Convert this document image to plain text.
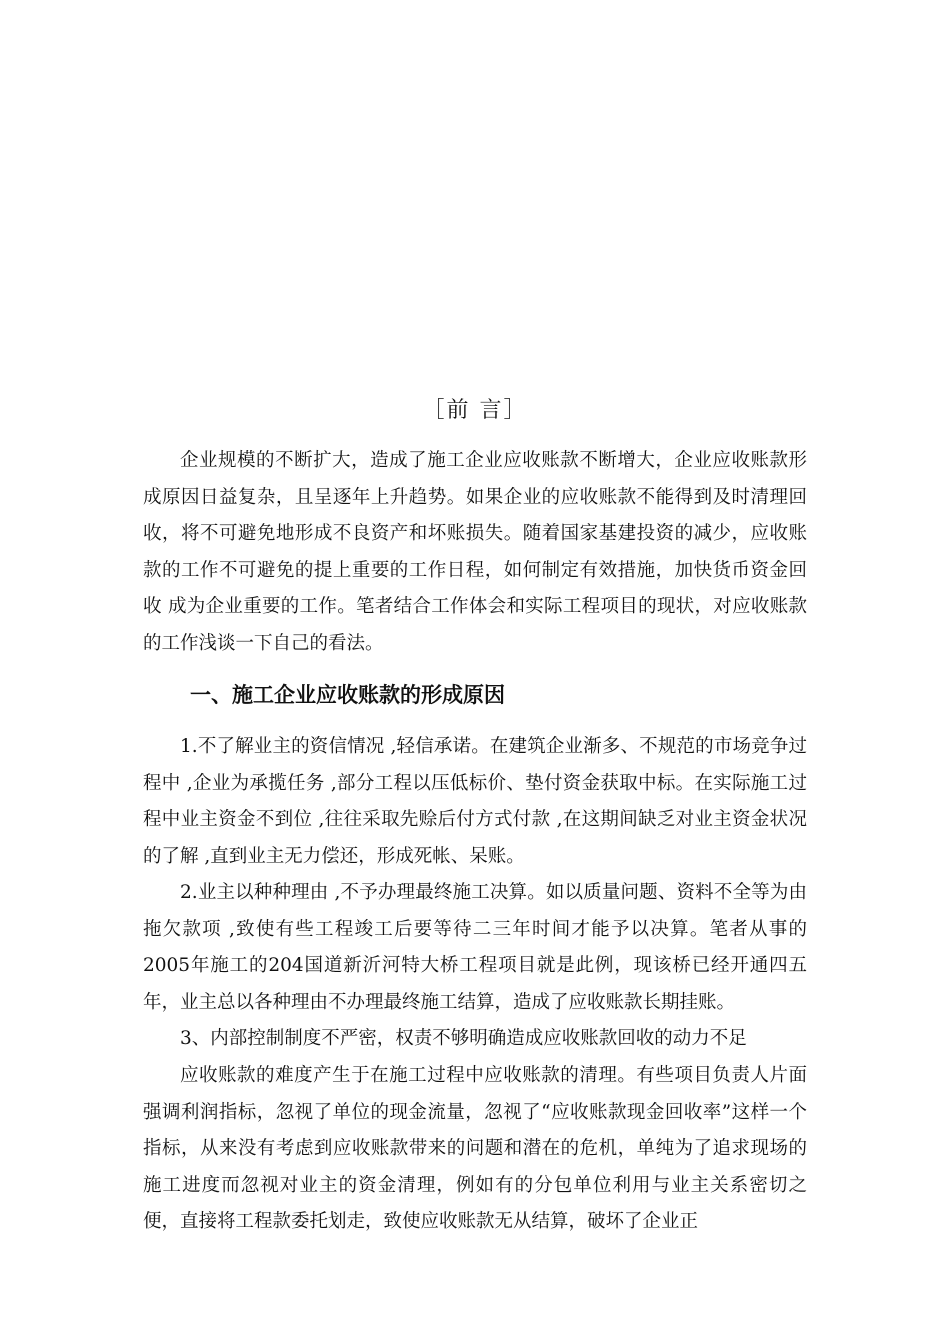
［前 言］

企业规模的不断扩大，造成了施工企业应收账款不断增大，企业应收账款形成原因日益复杂，且呈逐年上升趋势。如果企业的应收账款不能得到及时清理回收，将不可避免地形成不良资产和坏账损失。随着国家基建投资的减少，应收账款的工作不可避免的提上重要的工作日程，如何制定有效措施，加快货币资金回收 成为企业重要的工作。笔者结合工作体会和实际工程项目的现状，对应收账款的工作浅谈一下自己的看法。

一、施工企业应收账款的形成原因

1.不了解业主的资信情况 ,轻信承诺。在建筑企业渐多、不规范的市场竞争过程中 ,企业为承揽任务 ,部分工程以压低标价、垫付资金获取中标。在实际施工过程中业主资金不到位 ,往往采取先赊后付方式付款 ,在这期间缺乏对业主资金状况的了解 ,直到业主无力偿还，形成死帐、呆账。

2.业主以种种理由 ,不予办理最终施工决算。如以质量问题、资料不全等为由拖欠款项 ,致使有些工程竣工后要等待二三年时间才能予以决算。笔者从事的2005年施工的204国道新沂河特大桥工程项目就是此例，现该桥已经开通四五年，业主总以各种理由不办理最终施工结算，造成了应收账款长期挂账。

3、内部控制制度不严密，权责不够明确造成应收账款回收的动力不足

应收账款的难度产生于在施工过程中应收账款的清理。有些项目负责人片面强调利润指标，忽视了单位的现金流量，忽视了“应收账款现金回收率”这样一个指标，从来没有考虑到应收账款带来的问题和潜在的危机，单纯为了追求现场的施工进度而忽视对业主的资金清理，例如有的分包单位利用与业主关系密切之便，直接将工程款委托划走，致使应收账款无从结算，破坏了企业正
